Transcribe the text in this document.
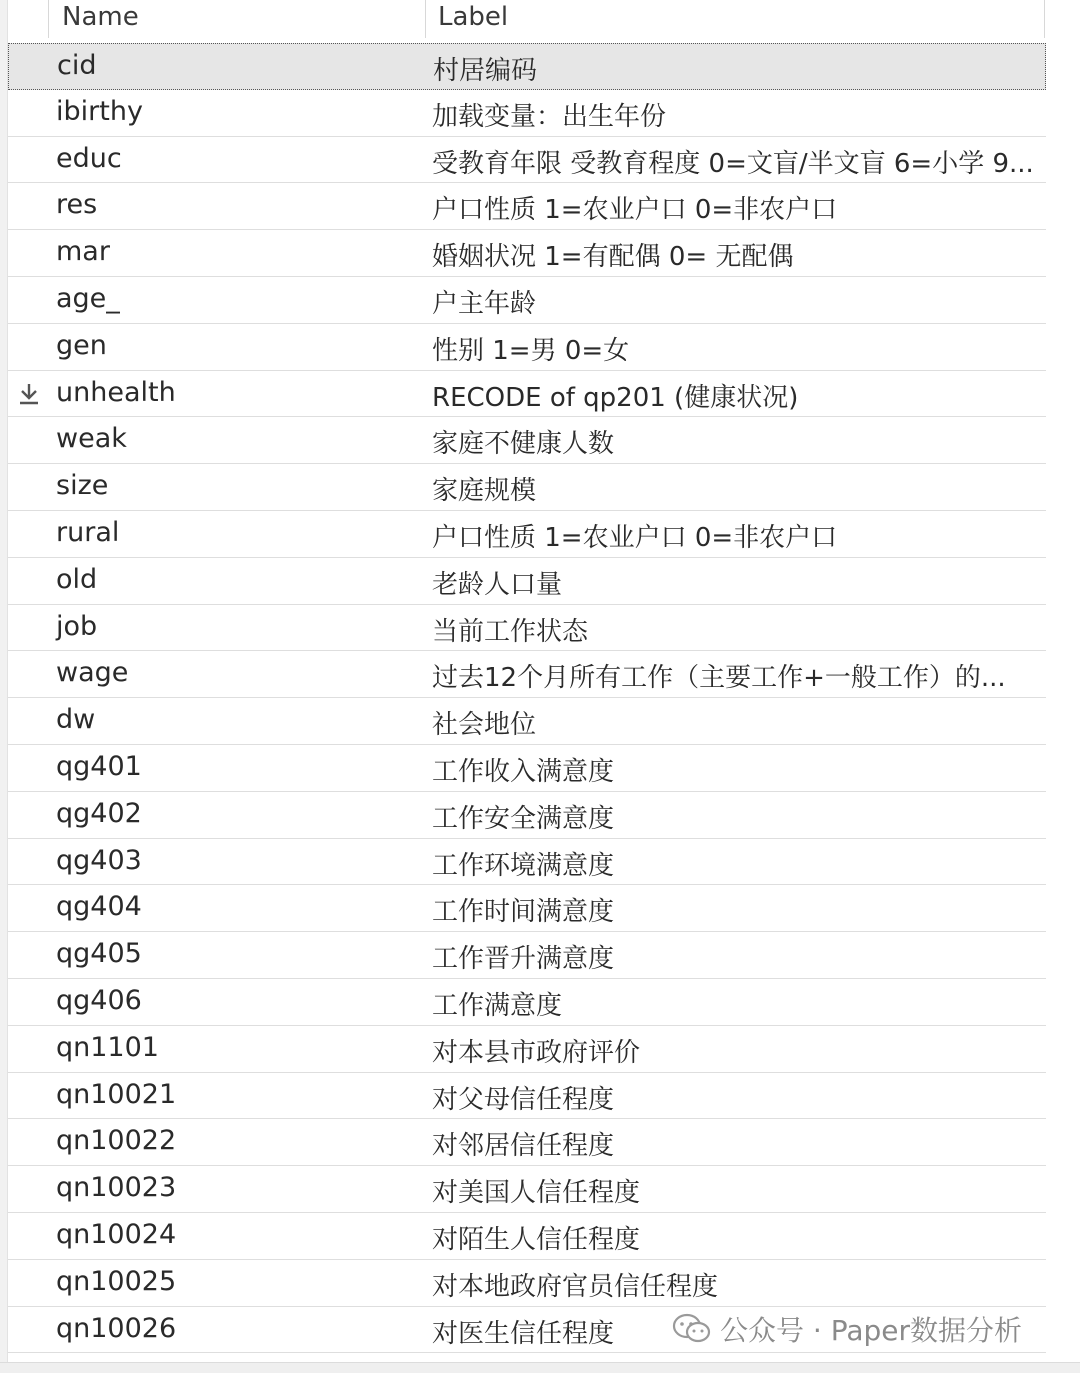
Name	Label
cid	村居编码
ibirthy	加载变量：出生年份
educ	受教育年限 受教育程度 0=文盲/半文盲 6=小学 9...
res	户口性质 1=农业户口 0=非农户口
mar	婚姻状况 1=有配偶 0= 无配偶
age_	户主年龄
gen	性别 1=男 0=女
unhealth	RECODE of qp201 (健康状况)
weak	家庭不健康人数
size	家庭规模
rural	户口性质 1=农业户口 0=非农户口
old	老龄人口量
job	当前工作状态
wage	过去12个月所有工作（主要工作+一般工作）的...
dw	社会地位
qg401	工作收入满意度
qg402	工作安全满意度
qg403	工作环境满意度
qg404	工作时间满意度
qg405	工作晋升满意度
qg406	工作满意度
qn1101	对本县市政府评价
qn10021	对父母信任程度
qn10022	对邻居信任程度
qn10023	对美国人信任程度
qn10024	对陌生人信任程度
qn10025	对本地政府官员信任程度
qn10026	对医生信任程度	公众号 · Paper数据分析
